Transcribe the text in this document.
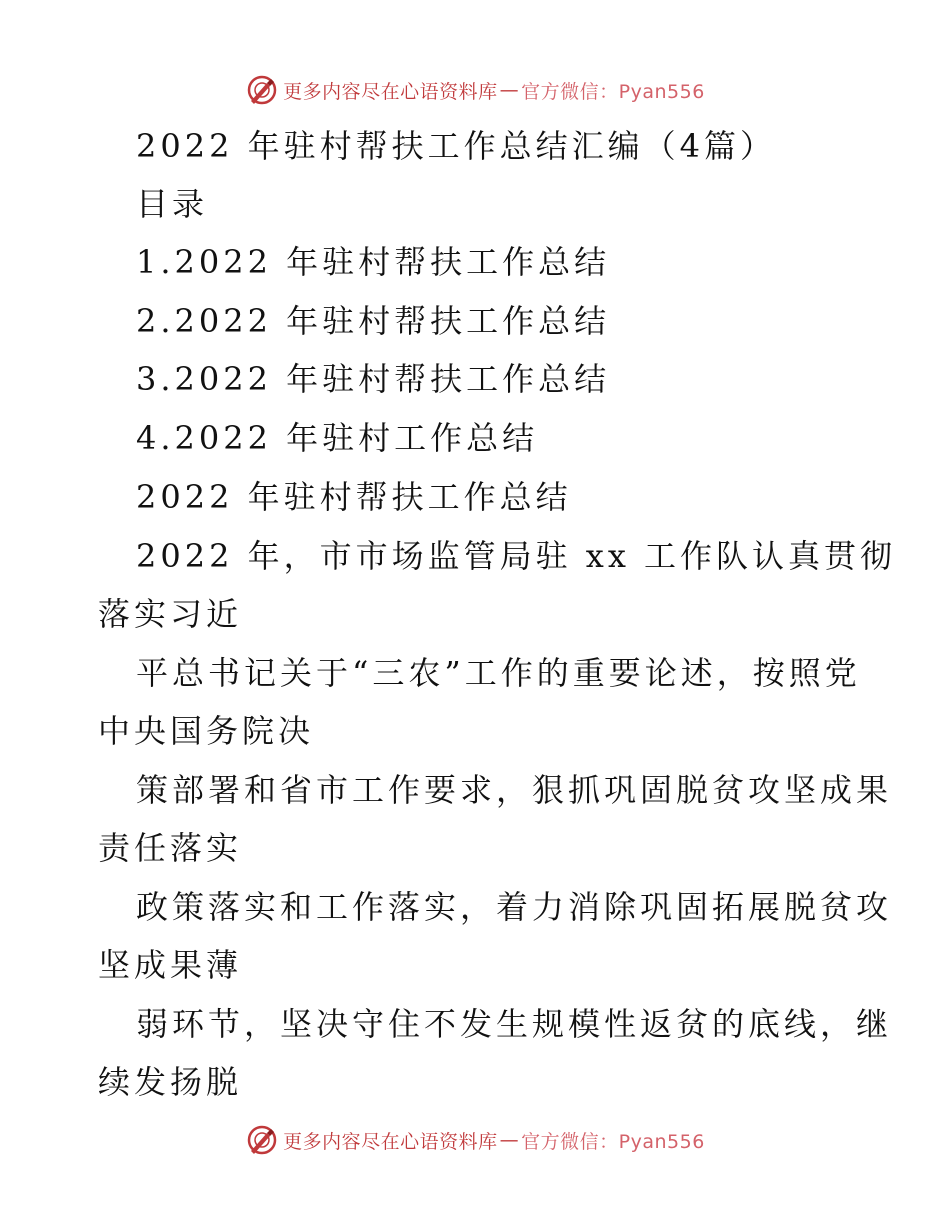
更多内容尽在心语资料库 — 官方微信：Pyan556
2022 年驻村帮扶工作总结汇编（4篇）
目录
1.2022 年驻村帮扶工作总结
2.2022 年驻村帮扶工作总结
3.2022 年驻村帮扶工作总结
4.2022 年驻村工作总结
2022 年驻村帮扶工作总结
2022 年，市市场监管局驻 xx 工作队认真贯彻
落实习近
平总书记关于“三农”工作的重要论述，按照党
中央国务院决
策部署和省市工作要求，狠抓巩固脱贫攻坚成果
责任落实
政策落实和工作落实，着力消除巩固拓展脱贫攻
坚成果薄
弱环节，坚决守住不发生规模性返贫的底线，继
续发扬脱
更多内容尽在心语资料库 — 官方微信：Pyan556
